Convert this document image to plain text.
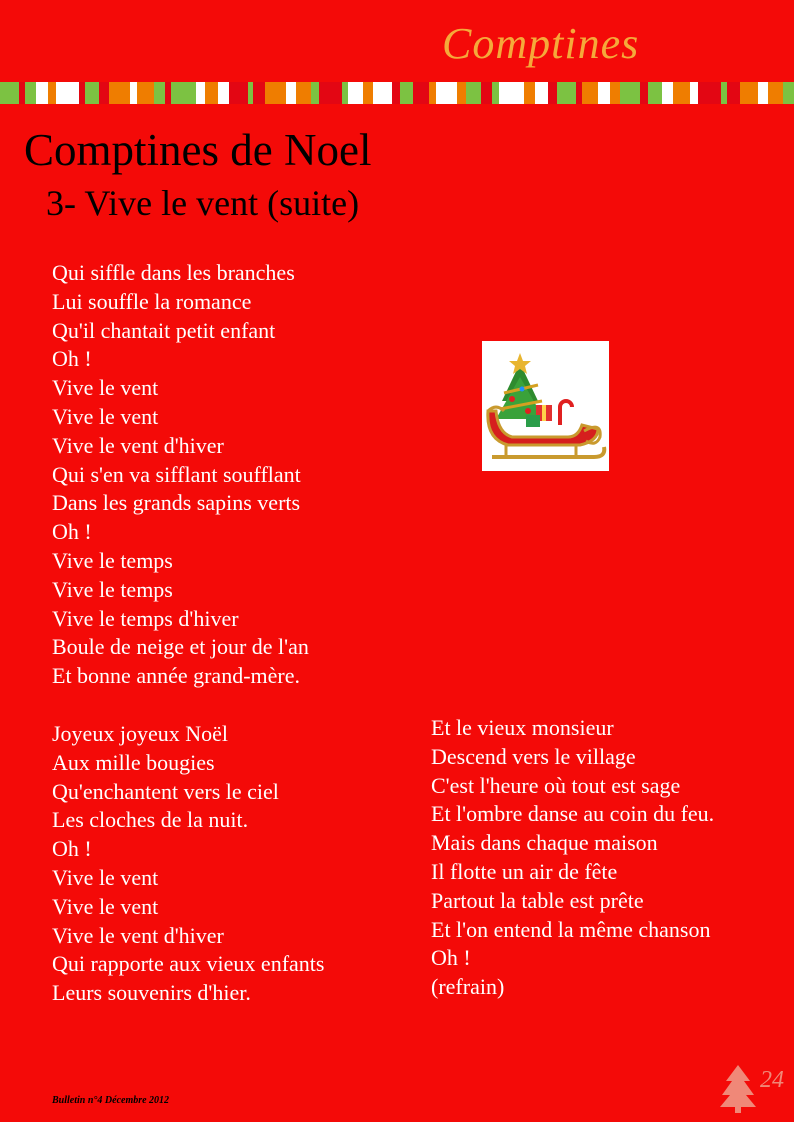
Comptines
Comptines de Noel
3- Vive le vent (suite)
Qui siffle dans les branches
Lui souffle la romance
Qu'il chantait petit enfant
Oh !
Vive le vent
Vive le vent
Vive le vent d'hiver
Qui s'en va sifflant soufflant
Dans les grands sapins verts
Oh !
Vive le temps
Vive le temps
Vive le temps d'hiver
Boule de neige et jour de l'an
Et bonne année grand-mère.
Joyeux joyeux Noël
Aux mille bougies
Qu'enchantent vers le ciel
Les cloches de la nuit.
Oh !
Vive le vent
Vive le vent
Vive le vent d'hiver
Qui rapporte aux vieux enfants
Leurs souvenirs d'hier.
Et le vieux monsieur
Descend vers le village
C'est l'heure où tout est sage
Et l'ombre danse au coin du feu.
Mais dans chaque maison
Il flotte un air de fête
Partout la table est prête
Et l'on entend la même chanson
Oh !
(refrain)
Bulletin n°4 Décembre 2012
24
